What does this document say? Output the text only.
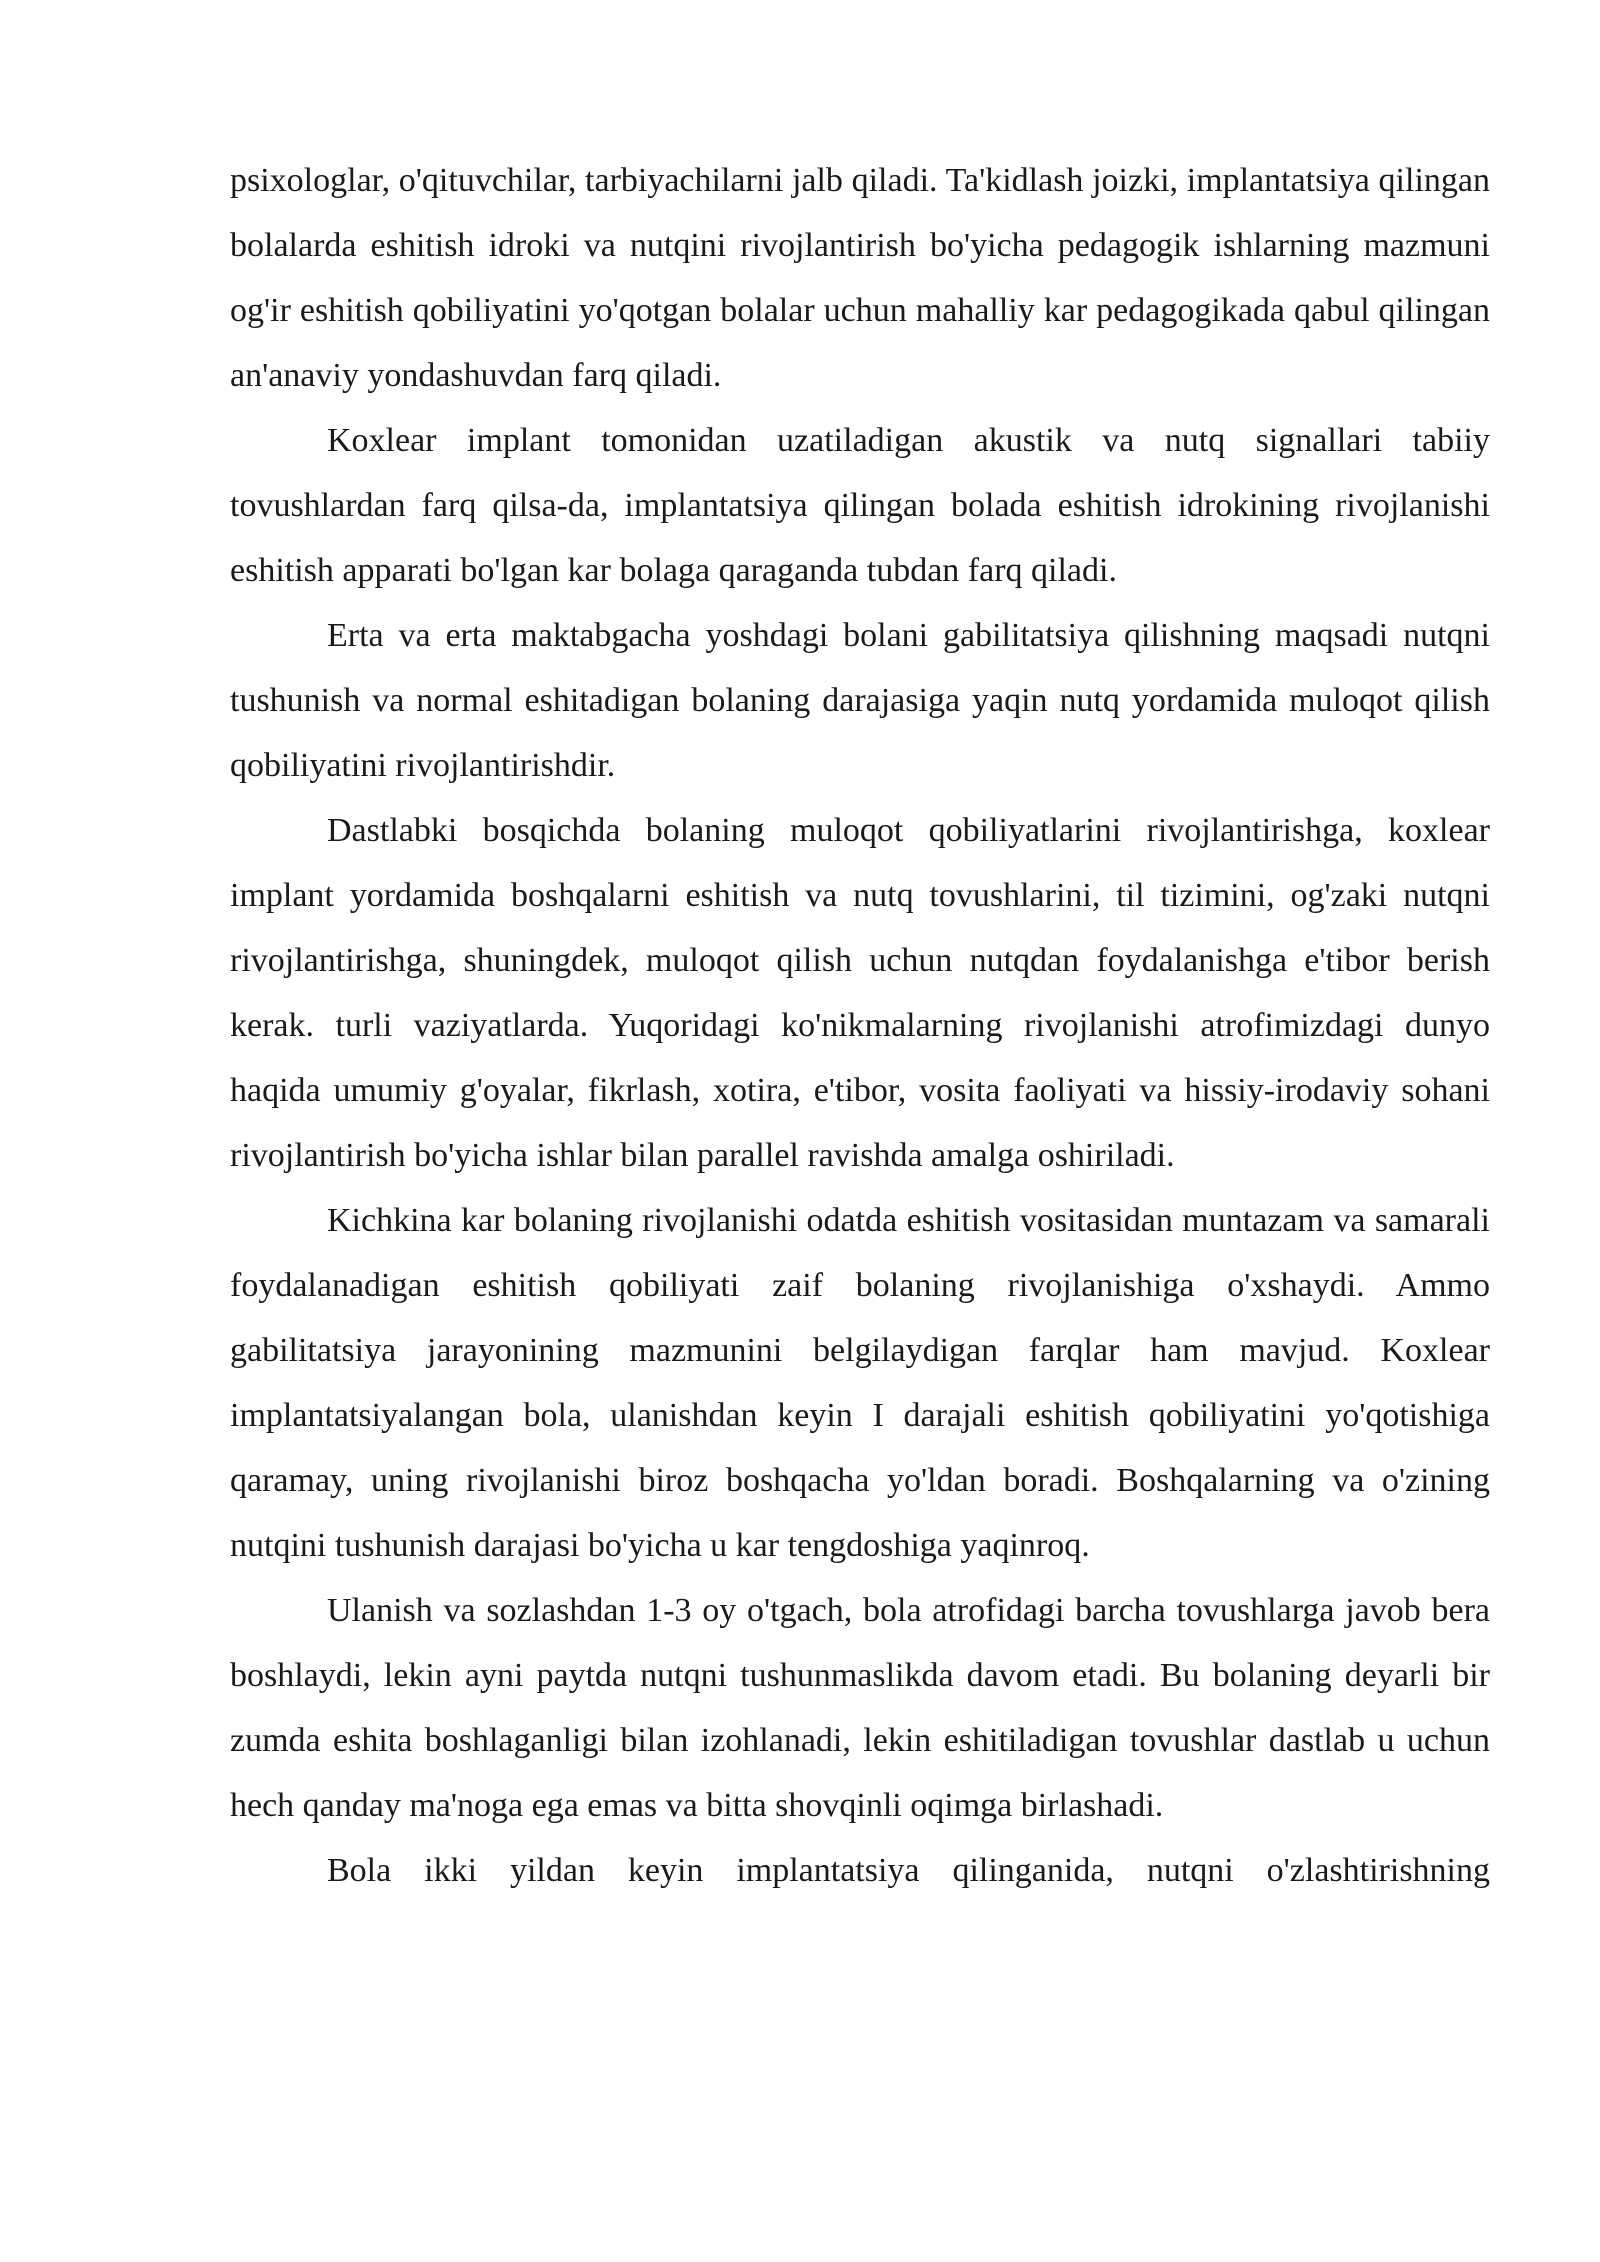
psixologlar, o'qituvchilar, tarbiyachilarni jalb qiladi. Ta'kidlash joizki, implantatsiya qilingan bolalarda eshitish idroki va nutqini rivojlantirish bo'yicha pedagogik ishlarning mazmuni og'ir eshitish qobiliyatini yo'qotgan bolalar uchun mahalliy kar pedagogikada qabul qilingan an'anaviy yondashuvdan farq qiladi.

Koxlear implant tomonidan uzatiladigan akustik va nutq signallari tabiiy tovushlardan farq qilsa-da, implantatsiya qilingan bolada eshitish idrokining rivojlanishi eshitish apparati bo'lgan kar bolaga qaraganda tubdan farq qiladi.

Erta va erta maktabgacha yoshdagi bolani gabilitatsiya qilishning maqsadi nutqni tushunish va normal eshitadigan bolaning darajasiga yaqin nutq yordamida muloqot qilish qobiliyatini rivojlantirishdir.

Dastlabki bosqichda bolaning muloqot qobiliyatlarini rivojlantirishga, koxlear implant yordamida boshqalarni eshitish va nutq tovushlarini, til tizimini, og'zaki nutqni rivojlantirishga, shuningdek, muloqot qilish uchun nutqdan foydalanishga e'tibor berish kerak. turli vaziyatlarda. Yuqoridagi ko'nikmalarning rivojlanishi atrofimizdagi dunyo haqida umumiy g'oyalar, fikrlash, xotira, e'tibor, vosita faoliyati va hissiy-irodaviy sohani rivojlantirish bo'yicha ishlar bilan parallel ravishda amalga oshiriladi.

Kichkina kar bolaning rivojlanishi odatda eshitish vositasidan muntazam va samarali foydalanadigan eshitish qobiliyati zaif bolaning rivojlanishiga o'xshaydi. Ammo gabilitatsiya jarayonining mazmunini belgilaydigan farqlar ham mavjud. Koxlear implantatsiyalangan bola, ulanishdan keyin I darajali eshitish qobiliyatini yo'qotishiga qaramay, uning rivojlanishi biroz boshqacha yo'ldan boradi. Boshqalarning va o'zining nutqini tushunish darajasi bo'yicha u kar tengdoshiga yaqinroq.

Ulanish va sozlashdan 1-3 oy o'tgach, bola atrofidagi barcha tovushlarga javob bera boshlaydi, lekin ayni paytda nutqni tushunmaslikda davom etadi. Bu bolaning deyarli bir zumda eshita boshlaganligi bilan izohlanadi, lekin eshitiladigan tovushlar dastlab u uchun hech qanday ma'noga ega emas va bitta shovqinli oqimga birlashadi.

Bola ikki yildan keyin implantatsiya qilinganida, nutqni o'zlashtirishning
